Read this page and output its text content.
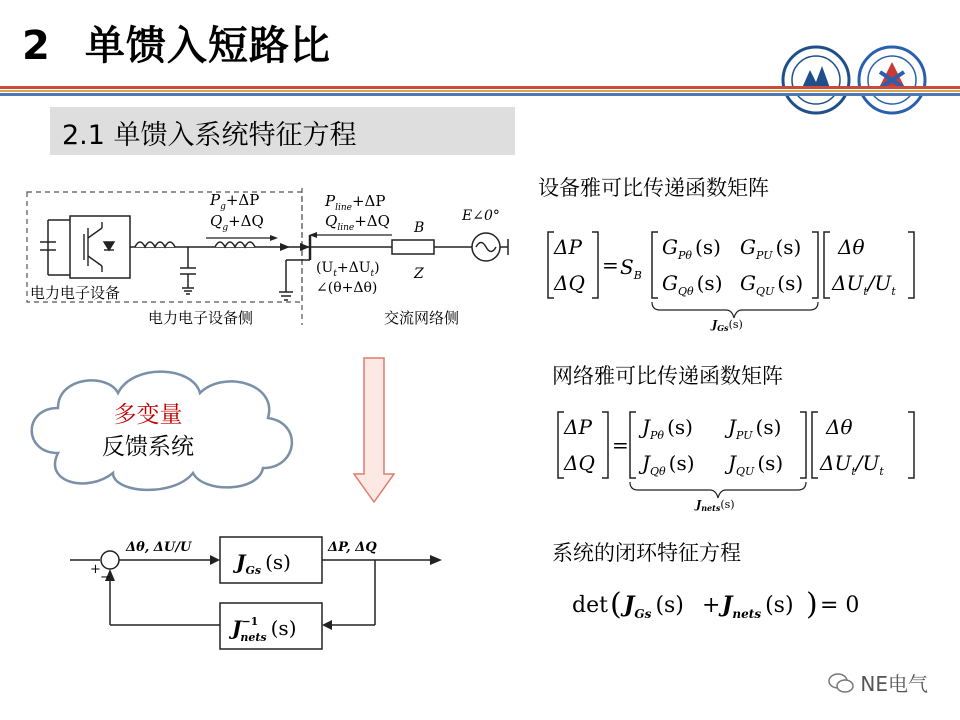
2 单馈入短路比
2.1 单馈入系统特征方程
$P_g+\Delta P$
$Q_g+\Delta Q$
$P_{line}+\Delta P$
$Q_{line}+\Delta Q$
$(U_t+\Delta U_t)$
∠(θ+Δθ)
B
Z
E∠0°
电力电子设备
电力电子设备侧	交流网络侧
多变量
反馈系统
Δθ, ΔU/U	ΔP, ΔQ
+
−
$J_{Gs}$ (s)
$J^{-1}$ nets (s)
设备雅可比传递函数矩阵
ΔP
ΔQ
= $S_B$
$G_{P\theta}$ (s) $G_{PU}$ (s)
$G_{Q\theta}$ (s) $G_{QU}$ (s)
Δθ
$\Delta U_t/U_t$
$J_{Gs}(s)$
网络雅可比传递函数矩阵
ΔP
ΔQ
=
$J_{P\theta}$ (s) $J_{PU}$ (s)
$J_{Q\theta}$ (s) $J_{QU}$ (s)
Δθ
$\Delta U_t/U_t$
$J_{nets}(s)$
系统的闭环特征方程
det ( $J_{Gs}$ $(s) + J_{nets}$ (s) ) = 0
NE电气
